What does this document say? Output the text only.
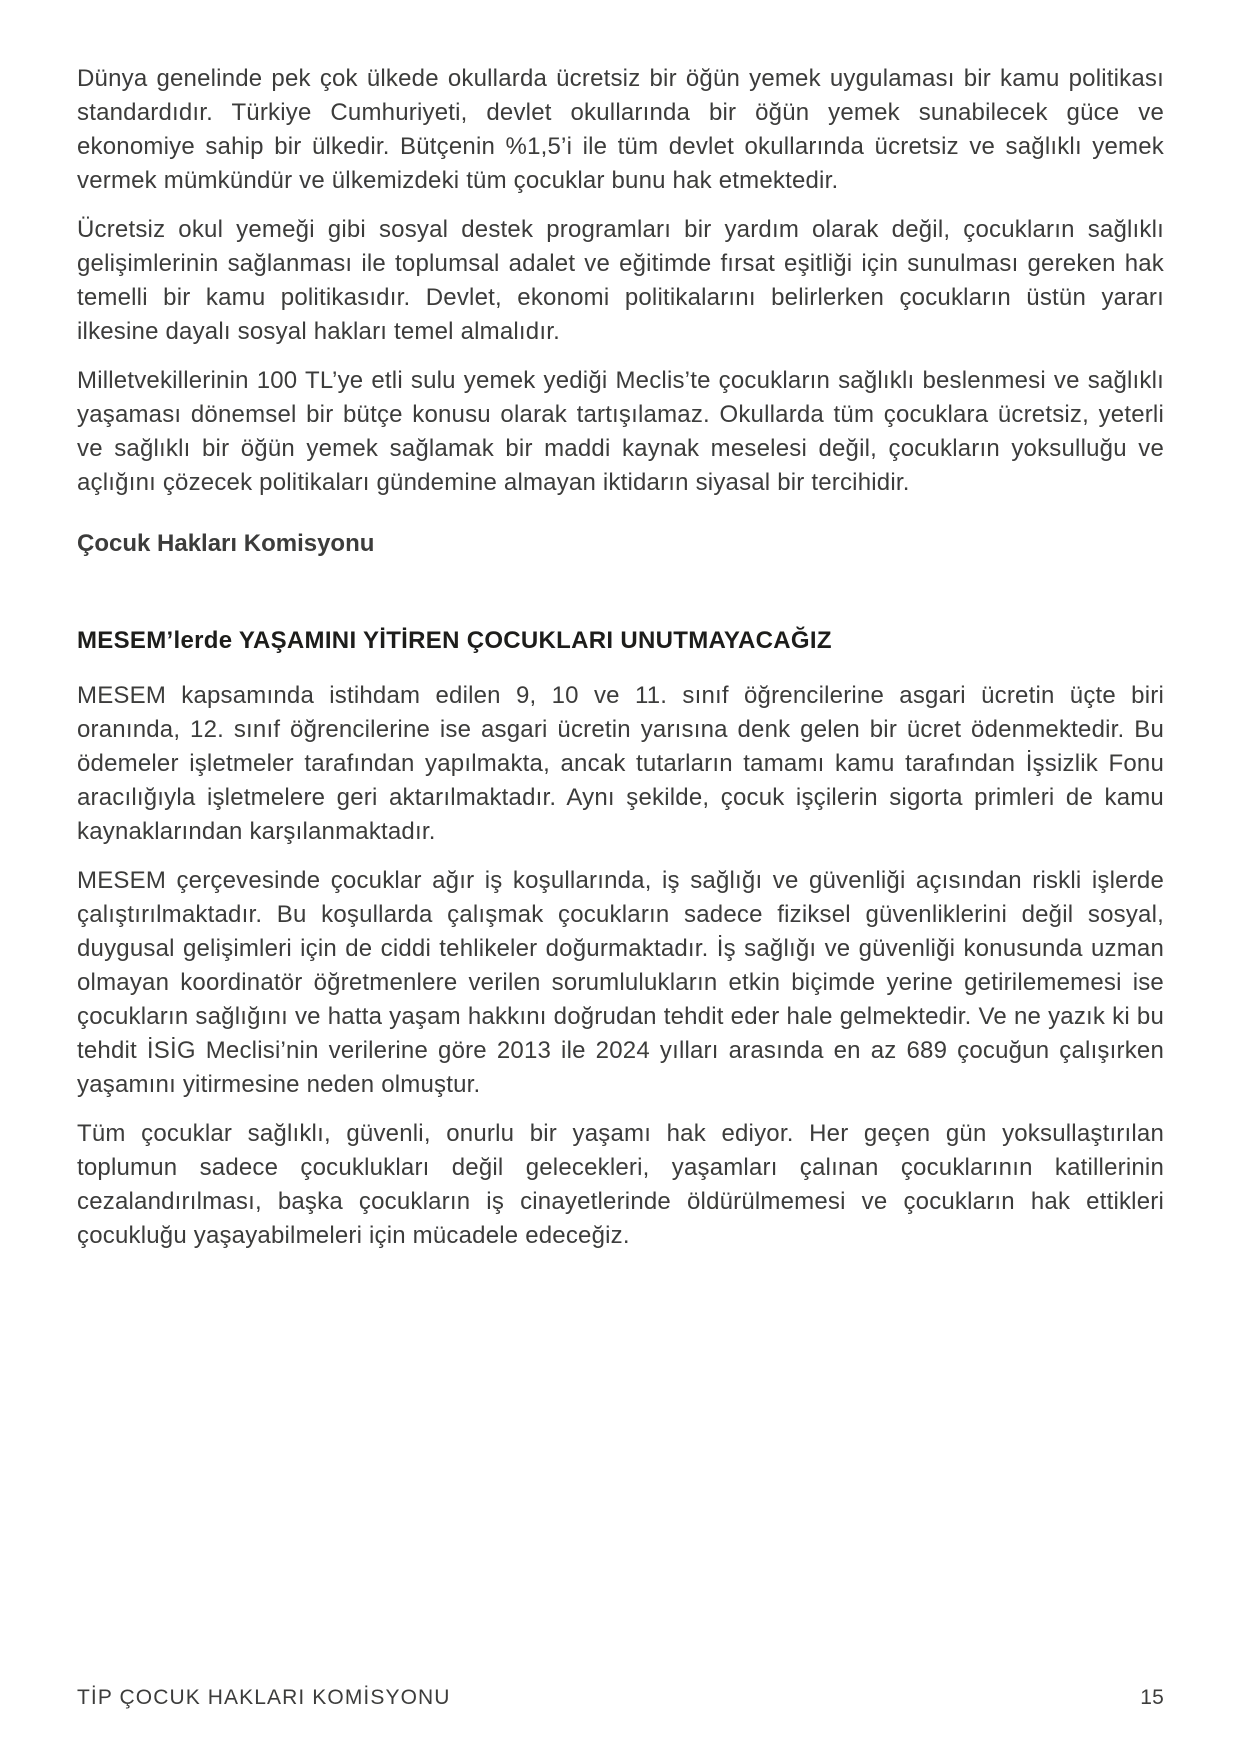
Dünya genelinde pek çok ülkede okullarda ücretsiz bir öğün yemek uygulaması bir kamu politikası standardıdır. Türkiye Cumhuriyeti, devlet okullarında bir öğün yemek sunabilecek güce ve ekonomiye sahip bir ülkedir. Bütçenin %1,5’i ile tüm devlet okullarında ücretsiz ve sağlıklı yemek vermek mümkündür ve ülkemizdeki tüm çocuklar bunu hak etmektedir.

Ücretsiz okul yemeği gibi sosyal destek programları bir yardım olarak değil, çocukların sağlıklı gelişimlerinin sağlanması ile toplumsal adalet ve eğitimde fırsat eşitliği için sunulması gereken hak temelli bir kamu politikasıdır. Devlet, ekonomi politikalarını belirlerken çocukların üstün yararı ilkesine dayalı sosyal hakları temel almalıdır.

Milletvekillerinin 100 TL’ye etli sulu yemek yediği Meclis’te çocukların sağlıklı beslenmesi ve sağlıklı yaşaması dönemsel bir bütçe konusu olarak tartışılamaz. Okullarda tüm çocuklara ücretsiz, yeterli ve sağlıklı bir öğün yemek sağlamak bir maddi kaynak meselesi değil, çocukların yoksulluğu ve açlığını çözecek politikaları gündemine almayan iktidarın siyasal bir tercihidir.

Çocuk Hakları Komisyonu

MESEM’lerde YAŞAMINI YİTİREN ÇOCUKLARI UNUTMAYACAĞIZ

MESEM kapsamında istihdam edilen 9, 10 ve 11. sınıf öğrencilerine asgari ücretin üçte biri oranında, 12. sınıf öğrencilerine ise asgari ücretin yarısına denk gelen bir ücret ödenmektedir. Bu ödemeler işletmeler tarafından yapılmakta, ancak tutarların tamamı kamu tarafından İşsizlik Fonu aracılığıyla işletmelere geri aktarılmaktadır. Aynı şekilde, çocuk işçilerin sigorta primleri de kamu kaynaklarından karşılanmaktadır.

MESEM çerçevesinde çocuklar ağır iş koşullarında, iş sağlığı ve güvenliği açısından riskli işlerde çalıştırılmaktadır. Bu koşullarda çalışmak çocukların sadece fiziksel güvenliklerini değil sosyal, duygusal gelişimleri için de ciddi tehlikeler doğurmaktadır. İş sağlığı ve güvenliği konusunda uzman olmayan koordinatör öğretmenlere verilen sorumlulukların etkin biçimde yerine getirilememesi ise çocukların sağlığını ve hatta yaşam hakkını doğrudan tehdit eder hale gelmektedir. Ve ne yazık ki bu tehdit İSİG Meclisi’nin verilerine göre 2013 ile 2024 yılları arasında en az 689 çocuğun çalışırken yaşamını yitirmesine neden olmuştur.

Tüm çocuklar sağlıklı, güvenli, onurlu bir yaşamı hak ediyor. Her geçen gün yoksullaştırılan toplumun sadece çocuklukları değil gelecekleri, yaşamları çalınan çocuklarının katillerinin cezalandırılması, başka çocukların iş cinayetlerinde öldürülmemesi ve çocukların hak ettikleri çocukluğu yaşayabilmeleri için mücadele edeceğiz.

TİP ÇOCUK HAKLARI KOMİSYONU	15
